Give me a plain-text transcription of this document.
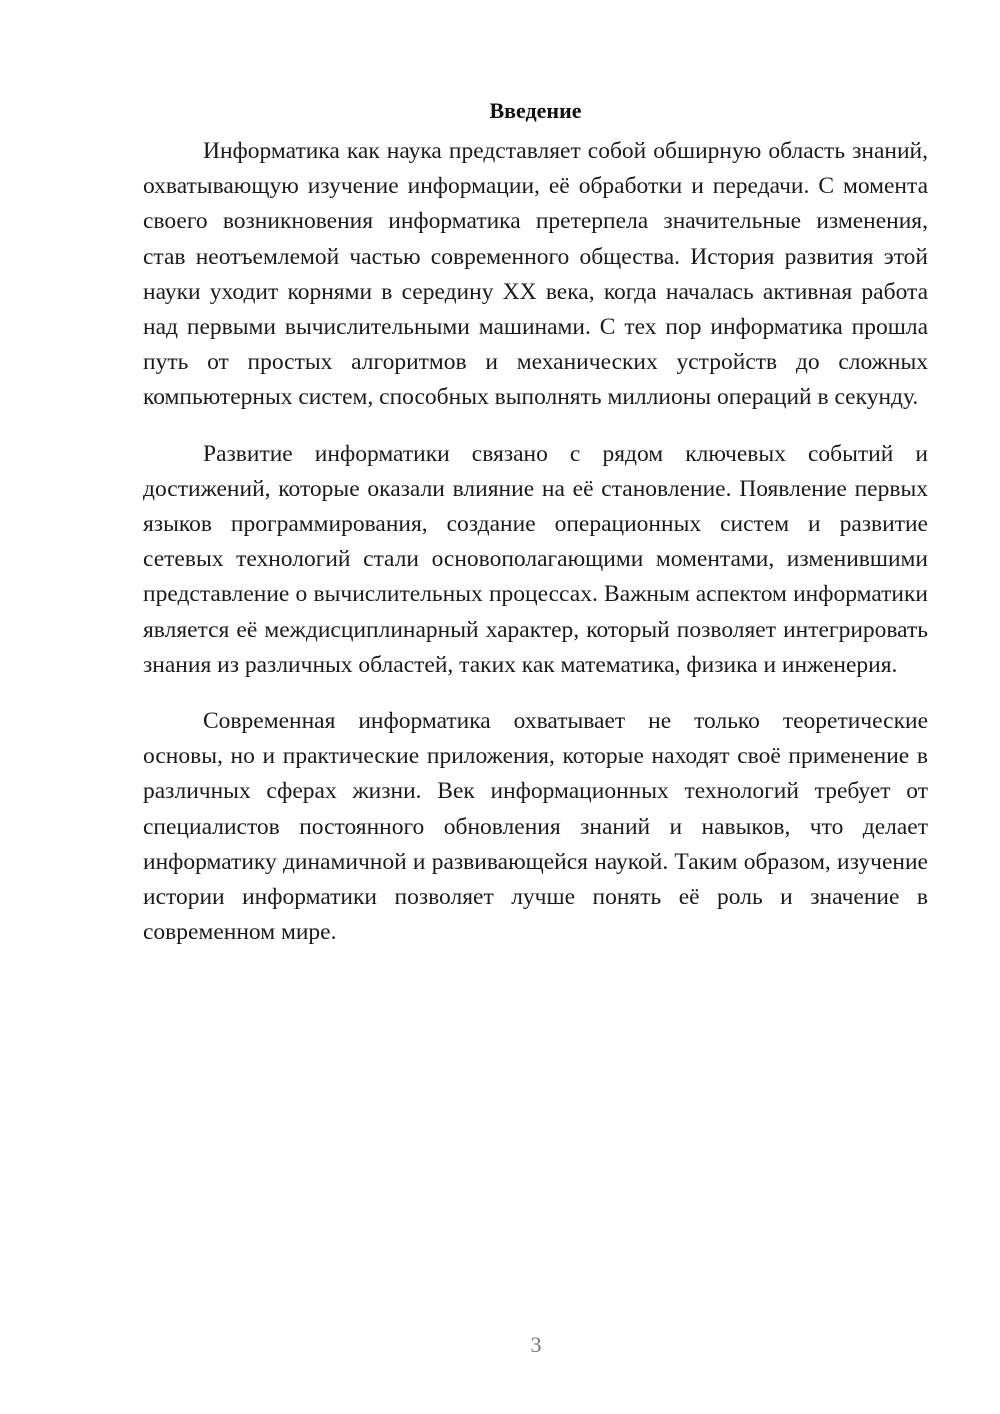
Введение

Информатика как наука представляет собой обширную область знаний, охватывающую изучение информации, её обработки и передачи. С момента своего возникновения информатика претерпела значительные изменения, став неотъемлемой частью современного общества. История развития этой науки уходит корнями в середину XX века, когда началась активная работа над первыми вычислительными машинами. С тех пор информатика прошла путь от простых алгоритмов и механических устройств до сложных компьютерных систем, способных выполнять миллионы операций в секунду.

Развитие информатики связано с рядом ключевых событий и достижений, которые оказали влияние на её становление. Появление первых языков программирования, создание операционных систем и развитие сетевых технологий стали основополагающими моментами, изменившими представление о вычислительных процессах. Важным аспектом информатики является её междисциплинарный характер, который позволяет интегрировать знания из различных областей, таких как математика, физика и инженерия.

Современная информатика охватывает не только теоретические основы, но и практические приложения, которые находят своё применение в различных сферах жизни. Век информационных технологий требует от специалистов постоянного обновления знаний и навыков, что делает информатику динамичной и развивающейся наукой. Таким образом, изучение истории информатики позволяет лучше понять её роль и значение в современном мире.

3
